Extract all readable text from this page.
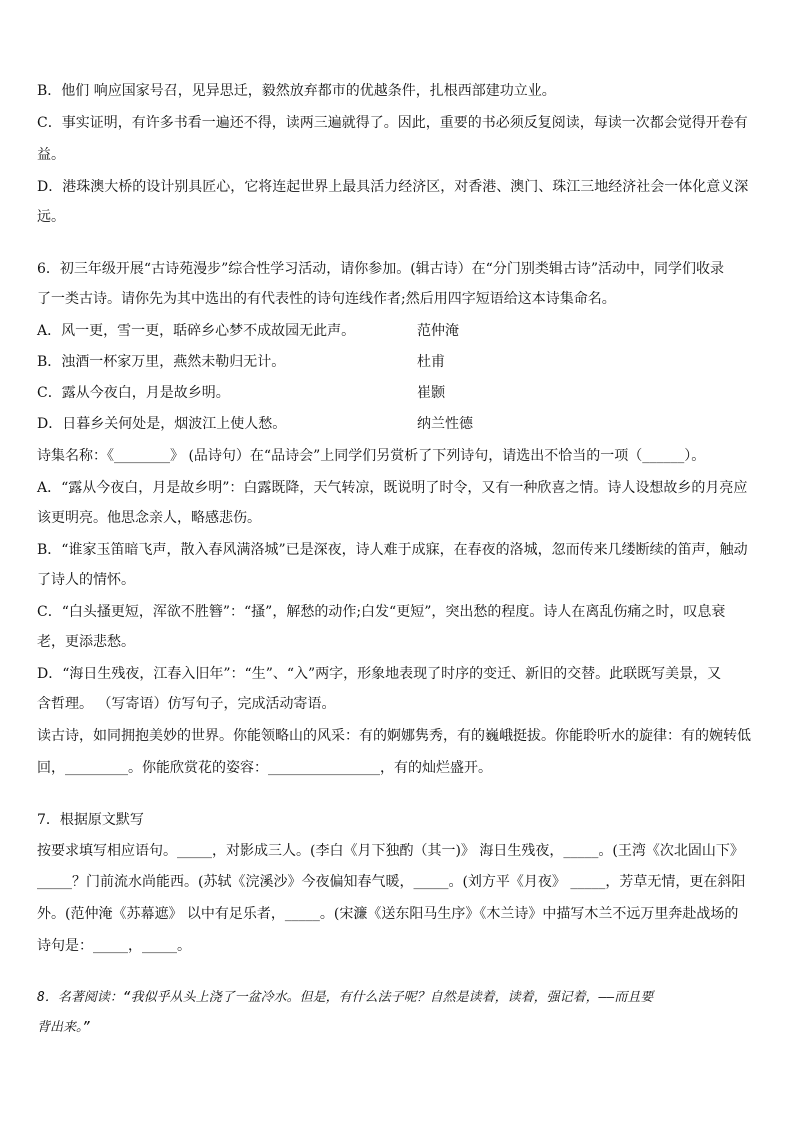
B．他们 响应国家号召，见异思迁，毅然放弃都市的优越条件，扎根西部建功立业。
C．事实证明，有许多书看一遍还不得，读两三遍就得了。因此，重要的书必须反复阅读，每读一次都会觉得开卷有
益。
D．港珠澳大桥的设计别具匠心，它将连起世界上最具活力经济区，对香港、澳门、珠江三地经济社会一体化意义深
远。
6．初三年级开展“古诗苑漫步”综合性学习活动，请你参加。(辑古诗）在“分门别类辑古诗”活动中，同学们收录
了一类古诗。请你先为其中选出的有代表性的诗句连线作者;然后用四字短语给这本诗集命名。
A．风一更，雪一更，聒碎乡心梦不成故园无此声。	范仲淹
B．浊酒一杯家万里，燕然未勒归无计。	杜甫
C．露从今夜白，月是故乡明。	崔颢
D．日暮乡关何处是，烟波江上使人愁。	纳兰性德
诗集名称：《________》 (品诗句）在“品诗会”上同学们另赏析了下列诗句，请选出不恰当的一项（______）。
A．“露从今夜白，月是故乡明”：白露既降，天气转凉，既说明了时令，又有一种欣喜之情。诗人设想故乡的月亮应
该更明亮。他思念亲人，略感悲伤。
B．“谁家玉笛暗飞声，散入春风满洛城”已是深夜，诗人难于成寐，在春夜的洛城，忽而传来几缕断续的笛声，触动
了诗人的情怀。
C．“白头搔更短，浑欲不胜簪”：“搔”，解愁的动作;白发“更短”，突出愁的程度。诗人在离乱伤痛之时，叹息衰
老，更添悲愁。
D．“海日生残夜，江春入旧年”：“生”、“入”两字，形象地表现了时序的变迁、新旧的交替。此联既写美景，又
含哲理。 （写寄语）仿写句子，完成活动寄语。
读古诗，如同拥抱美妙的世界。你能领略山的风采：有的婀娜隽秀，有的巍峨挺拔。你能聆听水的旋律：有的婉转低
回，_________。你能欣赏花的姿容：________________，有的灿烂盛开。
7．根据原文默写
按要求填写相应语句。_____，对影成三人。(李白《月下独酌（其一)》 海日生残夜，_____。(王湾《次北固山下》
_____？门前流水尚能西。(苏轼《浣溪沙》今夜偏知春气暖，_____。(刘方平《月夜》 _____，芳草无情，更在斜阳
外。(范仲淹《苏幕遮》 以中有足乐者，_____。(宋濂《送东阳马生序》《木兰诗》中描写木兰不远万里奔赴战场的
诗句是：_____，_____。
8．名著阅读：“我似乎从头上浇了一盆冷水。但是，有什么法子呢？自然是读着，读着，强记着，——而且要
背出来。”
